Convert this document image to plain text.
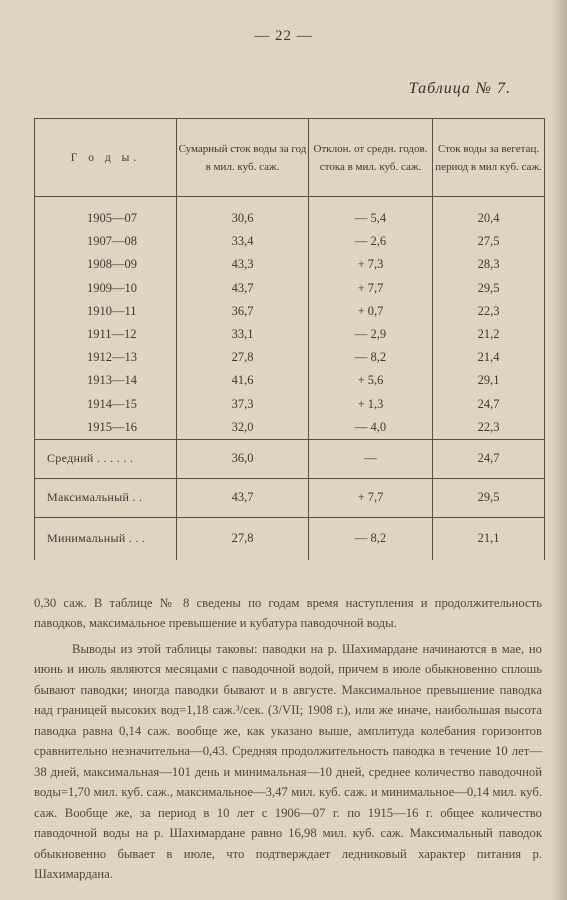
— 22 —
Таблица № 7.
Г о д ы.	Сумарный сток воды за год в мил. куб. саж.	Отклон. от средн. годов. стока в мил. куб. саж.	Сток воды за вегетац. период в мил куб. саж.
1905—07	30,6	— 5,4	20,4
1907—08	33,4	— 2,6	27,5
1908—09	43,3	+ 7,3	28,3
1909—10	43,7	+ 7,7	29,5
1910—11	36,7	+ 0,7	22,3
1911—12	33,1	— 2,9	21,2
1912—13	27,8	— 8,2	21,4
1913—14	41,6	+ 5,6	29,1
1914—15	37,3	+ 1,3	24,7
1915—16	32,0	— 4,0	22,3
Средний . . . . . .	36,0	—	24,7
Максимальный . .	43,7	+ 7,7	29,5
Минимальный . . .	27,8	— 8,2	21,1

0,30 саж. В таблице № 8 сведены по годам время наступления и продолжительность паводков, максимальное превышение и кубатура паводочной воды.

Выводы из этой таблицы таковы: паводки на р. Шахимардане начинаются в мае, но июнь и июль являются месяцами с паводочной водой, причем в июле обыкновенно сплошь бывают паводки; иногда паводки бывают и в августе. Максимальное превышение паводка над границей высоких вод=1,18 саж.³/сек. (3/VII; 1908 г.), или же иначе, наибольшая высота паводка равна 0,14 саж. вообще же, как указано выше, амплитуда колебания горизонтов сравнительно незначительна—0,43. Средняя продолжительность паводка в течение 10 лет—38 дней, максимальная—101 день и минимальная—10 дней, среднее количество паводочной воды=1,70 мил. куб. саж., максимальное—3,47 мил. куб. саж. и минимальное—0,14 мил. куб. саж. Вообще же, за период в 10 лет с 1906—07 г. по 1915—16 г. общее количество паводочной воды на р. Шахимардане равно 16,98 мил. куб. саж. Максимальный паводок обыкновенно бывает в июле, что подтверждает ледниковый характер питания р. Шахимардана.
